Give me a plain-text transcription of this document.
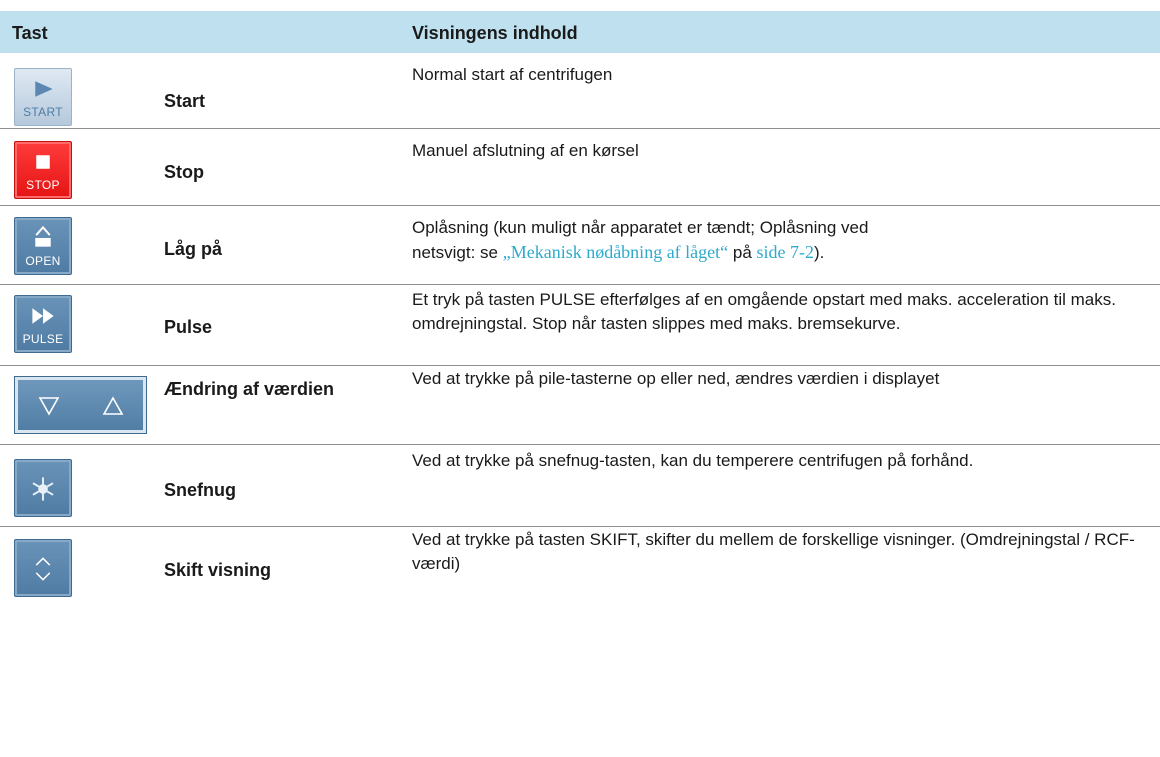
Tast	Visningens indhold
START
Start
Normal start af centrifugen
STOP
Stop
Manuel afslutning af en kørsel
OPEN
Låg på
Oplåsning (kun muligt når apparatet er tændt; Oplåsning ved netsvigt: se „Mekanisk nødåbning af låget“ på side 7-2).
PULSE
Pulse
Et tryk på tasten PULSE efterfølges af en omgående opstart med maks. acceleration til maks. omdrejningstal. Stop når tasten slippes med maks. bremsekurve.
Ændring af værdien
Ved at trykke på pile-tasterne op eller ned, ændres værdien i displayet
Snefnug
Ved at trykke på snefnug-tasten, kan du temperere centrifugen på forhånd.
Skift visning
Ved at trykke på tasten SKIFT, skifter du mellem de forskellige visninger. (Omdrejningstal / RCF- værdi)
